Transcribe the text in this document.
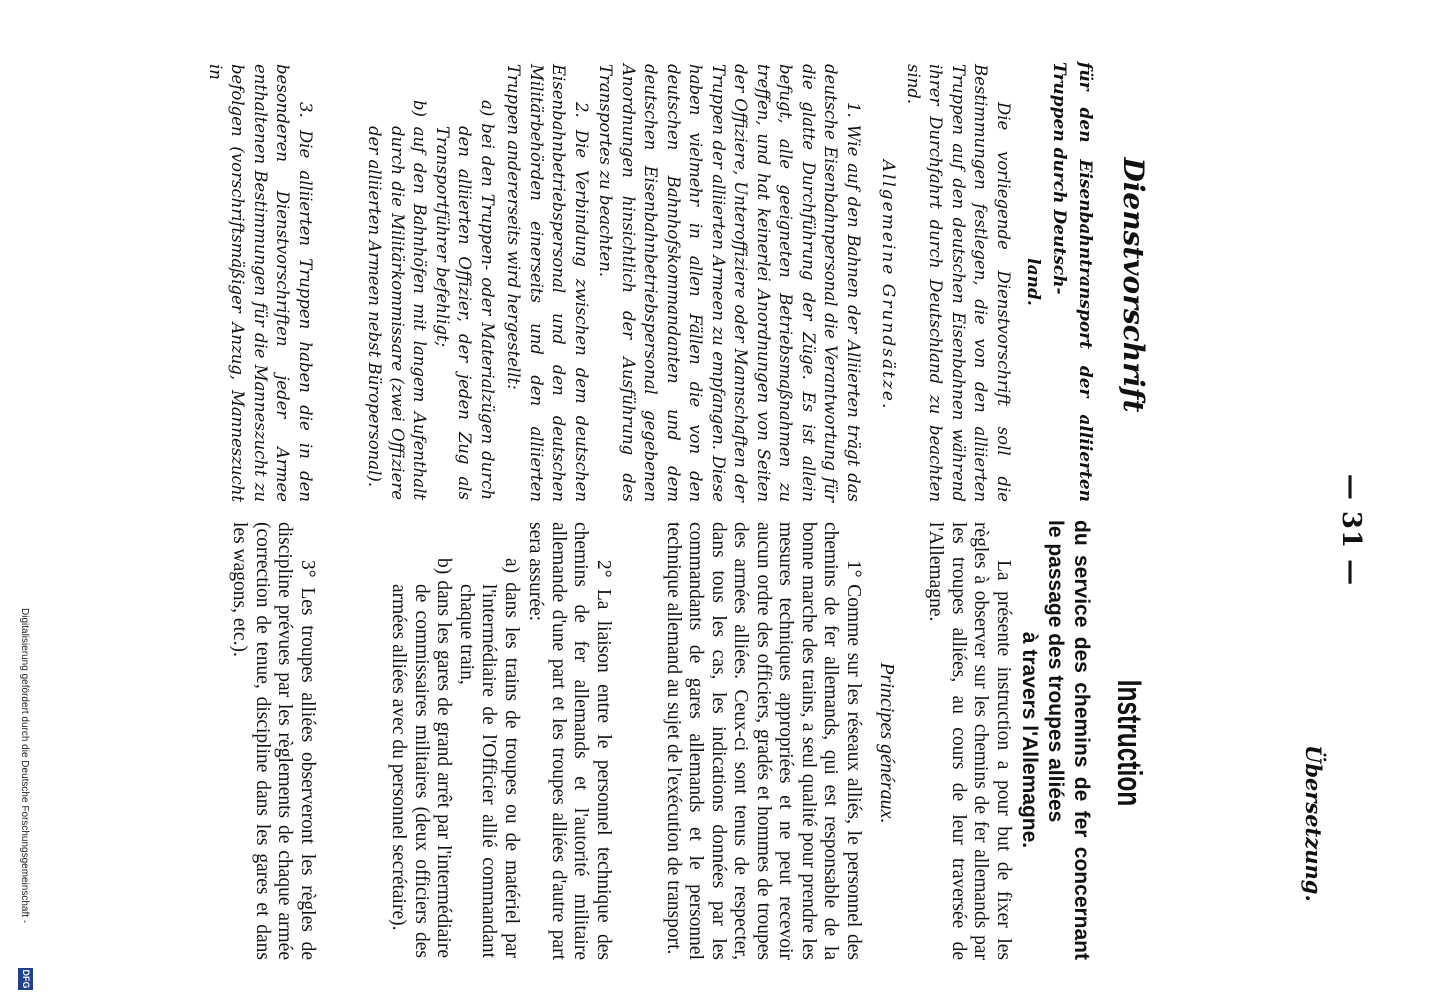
— 31 —
Übersetzung.
Instruction
du service des chemins de fer concernant le passage des troupes alliées
à travers l'Allemagne.
La présente instruction a pour but de fixer les règles à observer sur les chemins de fer allemands par les troupes alliées, au cours de leur traversée de l'Allemagne.
Principes généraux.
1° Comme sur les réseaux alliés, le personnel des chemins de fer allemands, qui est responsable de la bonne marche des trains, a seul qualité pour prendre les mesures techniques appropriées et ne peut recevoir aucun ordre des officiers, gradés et hommes de troupes des armées alliées. Ceux-ci sont tenus de respecter, dans tous les cas, les indications données par les commandants de gares allemands et le personnel technique allemand au sujet de l'exécution de transport.
2° La liaison entre le personnel technique des chemins de fer allemands et l'autorité militaire allemande d'une part et les troupes alliées d'autre part sera assurée:
a) dans les trains de troupes ou de matériel par l'intermédiaire de l'Officier allié commandant chaque train,
b) dans les gares de grand arrêt par l'intermédiaire de commissaires militaires (deux officiers des armées alliées avec du personnel secrétaire).
3° Les troupes alliées observeront les règles de discipline prévues par les règlements de chaque armée (correction de tenue, discipline dans les gares et dans les wagons, etc.).
Dienstvorschrift
für den Eisenbahntransport der alliierten Truppen durch Deutsch-
land.
Die vorliegende Dienstvorschrift soll die Bestimmungen festlegen, die von den alliierten Truppen auf den deutschen Eisenbahnen während ihrer Durchfahrt durch Deutschland zu beachten sind.
Allgemeine Grundsätze.
1. Wie auf den Bahnen der Alliierten trägt das deutsche Eisenbahnpersonal die Verantwortung für die glatte Durchführung der Züge. Es ist allein befugt, alle geeigneten Betriebsmaßnahmen zu treffen, und hat keinerlei Anordnungen von Seiten der Offiziere, Unteroffiziere oder Mannschaften der Truppen der alliierten Armeen zu empfangen. Diese haben vielmehr in allen Fällen die von den deutschen Bahnhofskommandanten und dem deutschen Eisenbahnbetriebspersonal gegebenen Anordnungen hinsichtlich der Ausführung des Transportes zu beachten.
2. Die Verbindung zwischen dem deutschen Eisenbahnbetriebspersonal und den deutschen Militärbehörden einerseits und den alliierten Truppen andererseits wird hergestellt:
a) bei den Truppen- oder Materialzügen durch den alliierten Offizier, der jeden Zug als Transportführer befehligt;
b) auf den Bahnhöfen mit langem Aufenthalt durch die Militärkommissare (zwei Offiziere der alliierten Armeen nebst Büropersonal).
3. Die alliierten Truppen haben die in den besonderen Dienstvorschriften jeder Armee enthaltenen Bestimmungen für die Manneszucht zu befolgen (vorschriftsmäßiger Anzug, Manneszucht in
Digitalisierung gefördert durch die Deutsche Forschungsgemeinschaft -
DFG
